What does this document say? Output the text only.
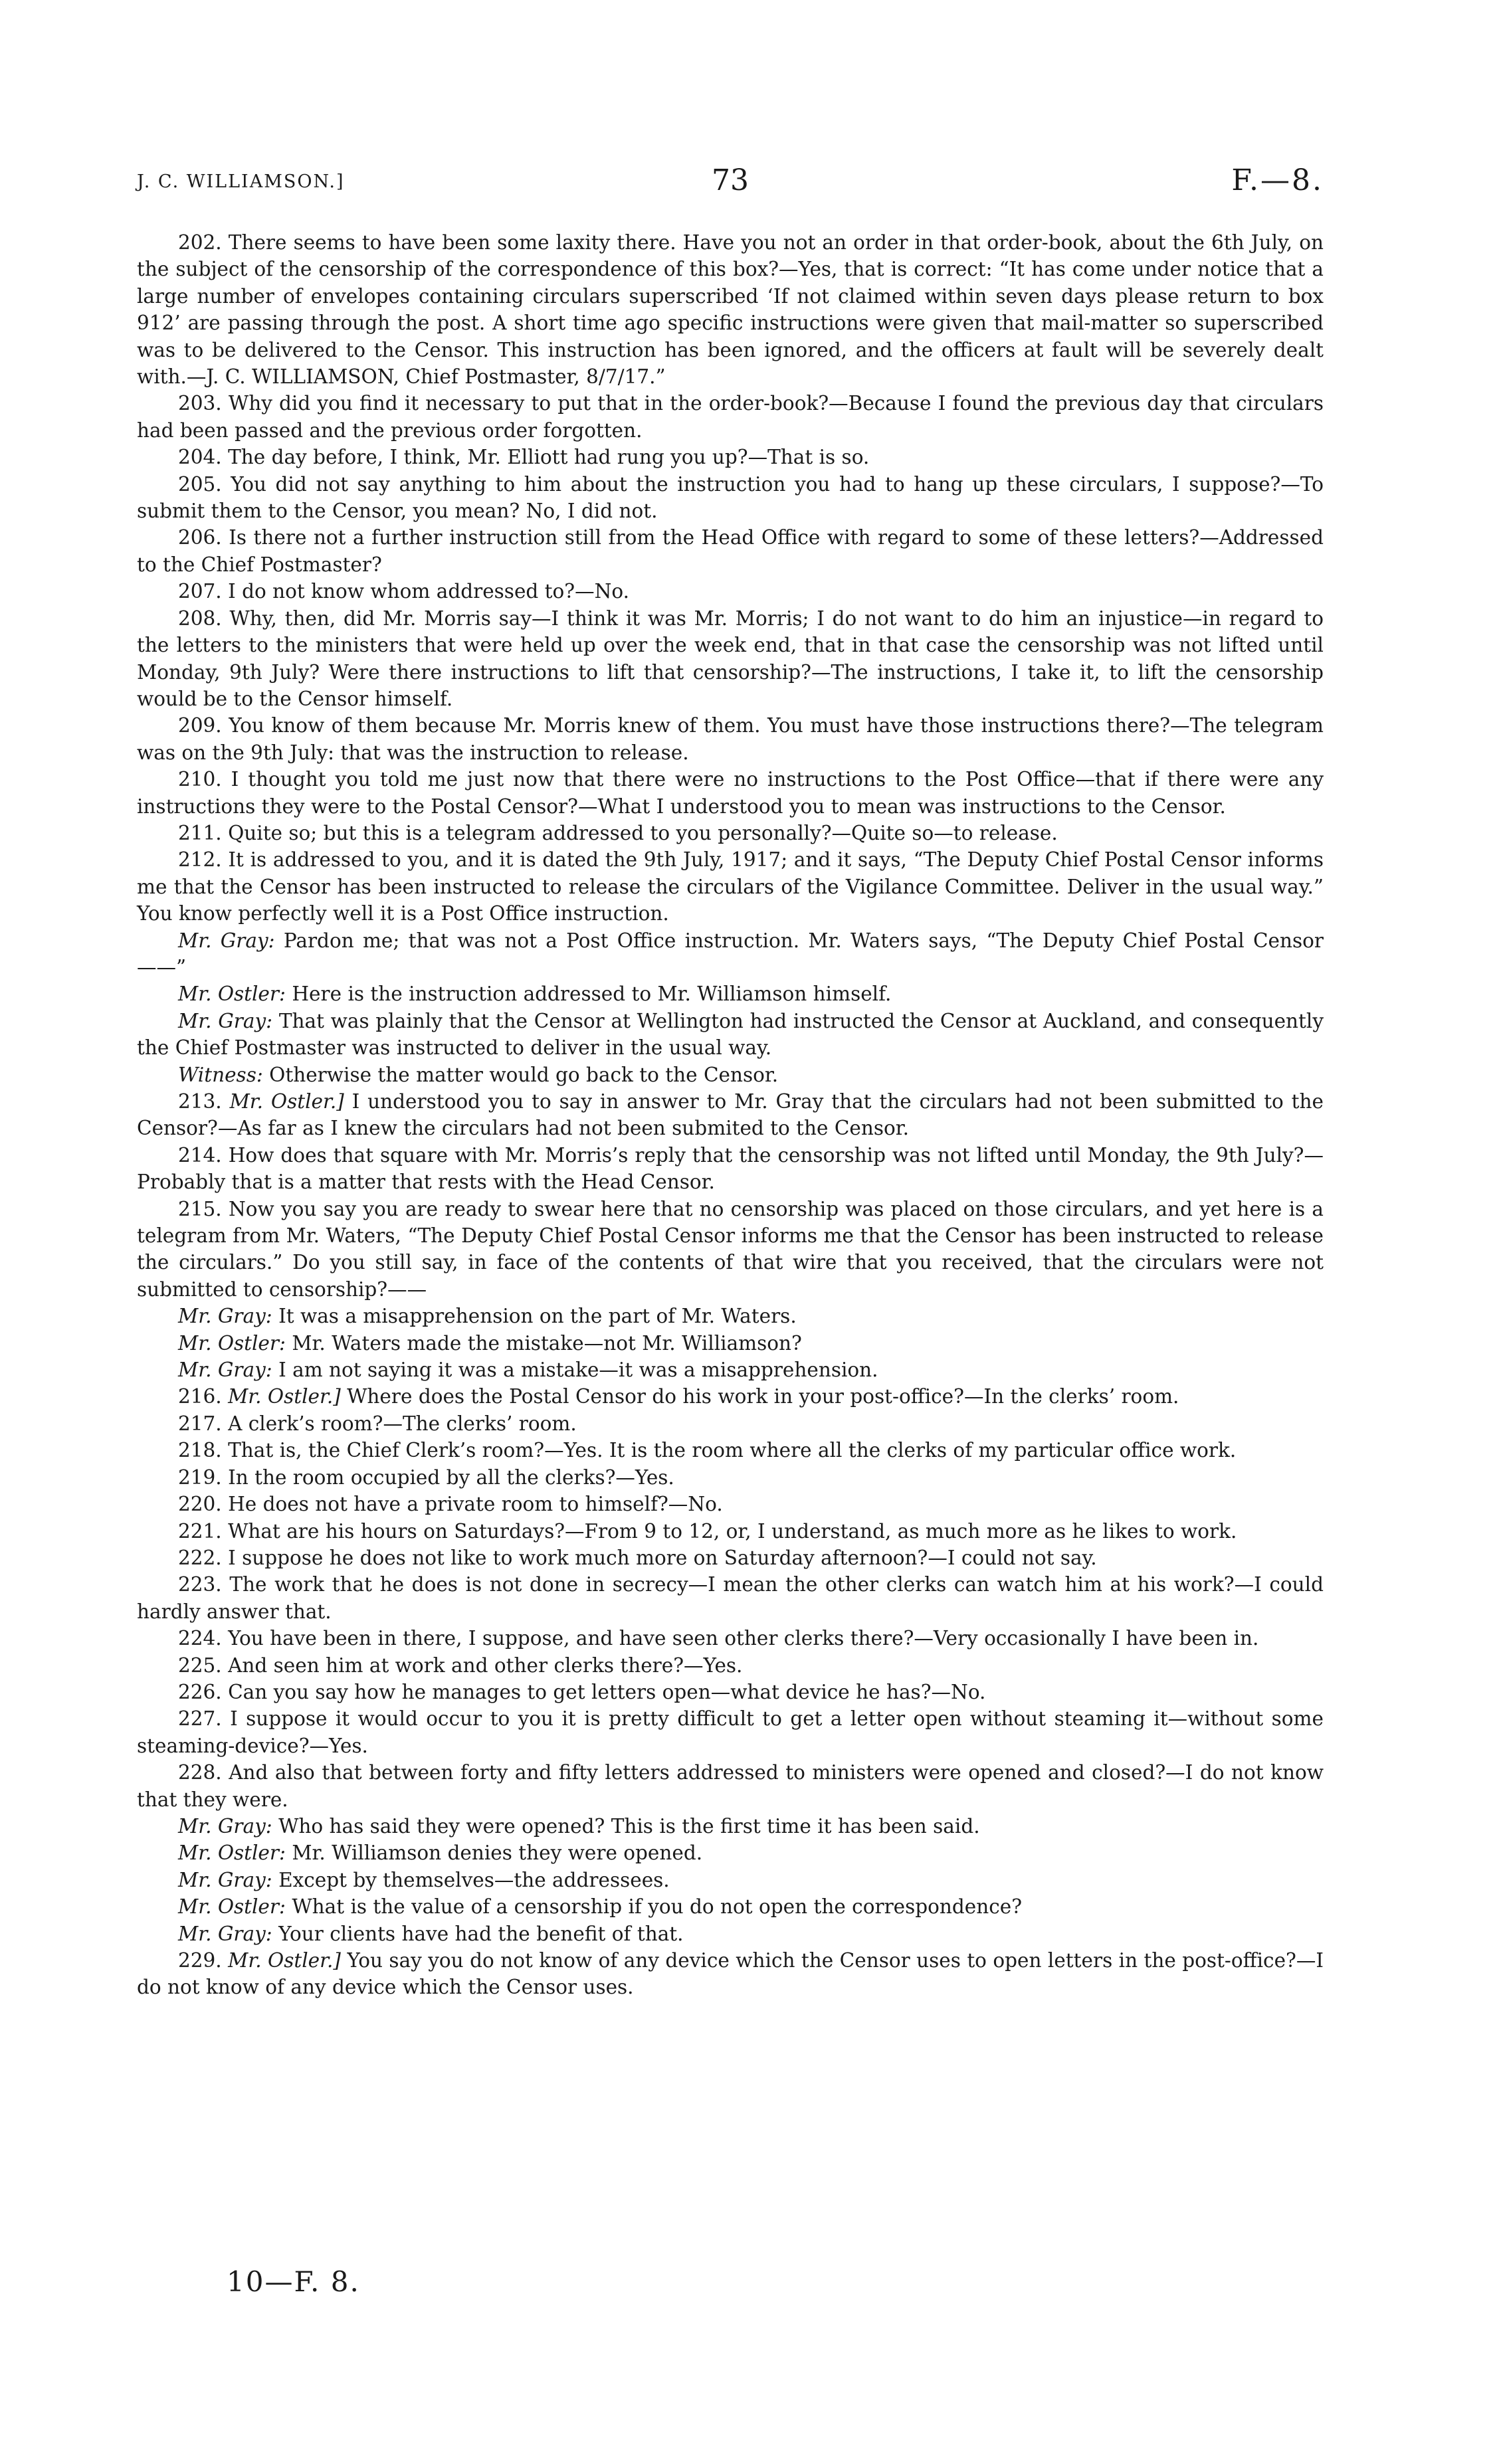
J. C. WILLIAMSON.]	73	F.—8.

202. There seems to have been some laxity there. Have you not an order in that order-book, about the 6th July, on the subject of the censorship of the correspondence of this box?—Yes, that is correct: “It has come under notice that a large number of envelopes containing circulars superscribed ‘If not claimed within seven days please return to box 912’ are passing through the post. A short time ago specific instructions were given that mail-matter so superscribed was to be delivered to the Censor. This instruction has been ignored, and the officers at fault will be severely dealt with.—J. C. WILLIAMSON, Chief Postmaster, 8/7/17.”

203. Why did you find it necessary to put that in the order-book?—Because I found the previous day that circulars had been passed and the previous order forgotten.

204. The day before, I think, Mr. Elliott had rung you up?—That is so.

205. You did not say anything to him about the instruction you had to hang up these circulars, I suppose?—To submit them to the Censor, you mean? No, I did not.

206. Is there not a further instruction still from the Head Office with regard to some of these letters?—Addressed to the Chief Postmaster?

207. I do not know whom addressed to?—No.

208. Why, then, did Mr. Morris say—I think it was Mr. Morris; I do not want to do him an injustice—in regard to the letters to the ministers that were held up over the week end, that in that case the censorship was not lifted until Monday, 9th July? Were there instructions to lift that censorship?—The instructions, I take it, to lift the censorship would be to the Censor himself.

209. You know of them because Mr. Morris knew of them. You must have those instructions there?—The telegram was on the 9th July: that was the instruction to release.

210. I thought you told me just now that there were no instructions to the Post Office—that if there were any instructions they were to the Postal Censor?—What I understood you to mean was instructions to the Censor.

211. Quite so; but this is a telegram addressed to you personally?—Quite so—to release.

212. It is addressed to you, and it is dated the 9th July, 1917; and it says, “The Deputy Chief Postal Censor informs me that the Censor has been instructed to release the circulars of the Vigilance Committee. Deliver in the usual way.” You know perfectly well it is a Post Office instruction.

Mr. Gray: Pardon me; that was not a Post Office instruction. Mr. Waters says, “The Deputy Chief Postal Censor——”

Mr. Ostler: Here is the instruction addressed to Mr. Williamson himself.

Mr. Gray: That was plainly that the Censor at Wellington had instructed the Censor at Auckland, and consequently the Chief Postmaster was instructed to deliver in the usual way.

Witness: Otherwise the matter would go back to the Censor.

213. Mr. Ostler.] I understood you to say in answer to Mr. Gray that the circulars had not been submitted to the Censor?—As far as I knew the circulars had not been submited to the Censor.

214. How does that square with Mr. Morris’s reply that the censorship was not lifted until Monday, the 9th July?—Probably that is a matter that rests with the Head Censor.

215. Now you say you are ready to swear here that no censorship was placed on those circulars, and yet here is a telegram from Mr. Waters, “The Deputy Chief Postal Censor informs me that the Censor has been instructed to release the circulars.” Do you still say, in face of the contents of that wire that you received, that the circulars were not submitted to censorship?——

Mr. Gray: It was a misapprehension on the part of Mr. Waters.

Mr. Ostler: Mr. Waters made the mistake—not Mr. Williamson?

Mr. Gray: I am not saying it was a mistake—it was a misapprehension.

216. Mr. Ostler.] Where does the Postal Censor do his work in your post-office?—In the clerks’ room.

217. A clerk’s room?—The clerks’ room.

218. That is, the Chief Clerk’s room?—Yes. It is the room where all the clerks of my particular office work.

219. In the room occupied by all the clerks?—Yes.

220. He does not have a private room to himself?—No.

221. What are his hours on Saturdays?—From 9 to 12, or, I understand, as much more as he likes to work.

222. I suppose he does not like to work much more on Saturday afternoon?—I could not say.

223. The work that he does is not done in secrecy—I mean the other clerks can watch him at his work?—I could hardly answer that.

224. You have been in there, I suppose, and have seen other clerks there?—Very occasionally I have been in.

225. And seen him at work and other clerks there?—Yes.

226. Can you say how he manages to get letters open—what device he has?—No.

227. I suppose it would occur to you it is pretty difficult to get a letter open without steaming it—without some steaming-device?—Yes.

228. And also that between forty and fifty letters addressed to ministers were opened and closed?—I do not know that they were.

Mr. Gray: Who has said they were opened? This is the first time it has been said.

Mr. Ostler: Mr. Williamson denies they were opened.

Mr. Gray: Except by themselves—the addressees.

Mr. Ostler: What is the value of a censorship if you do not open the correspondence?

Mr. Gray: Your clients have had the benefit of that.

229. Mr. Ostler.] You say you do not know of any device which the Censor uses to open letters in the post-office?—I do not know of any device which the Censor uses.

10—F. 8.
